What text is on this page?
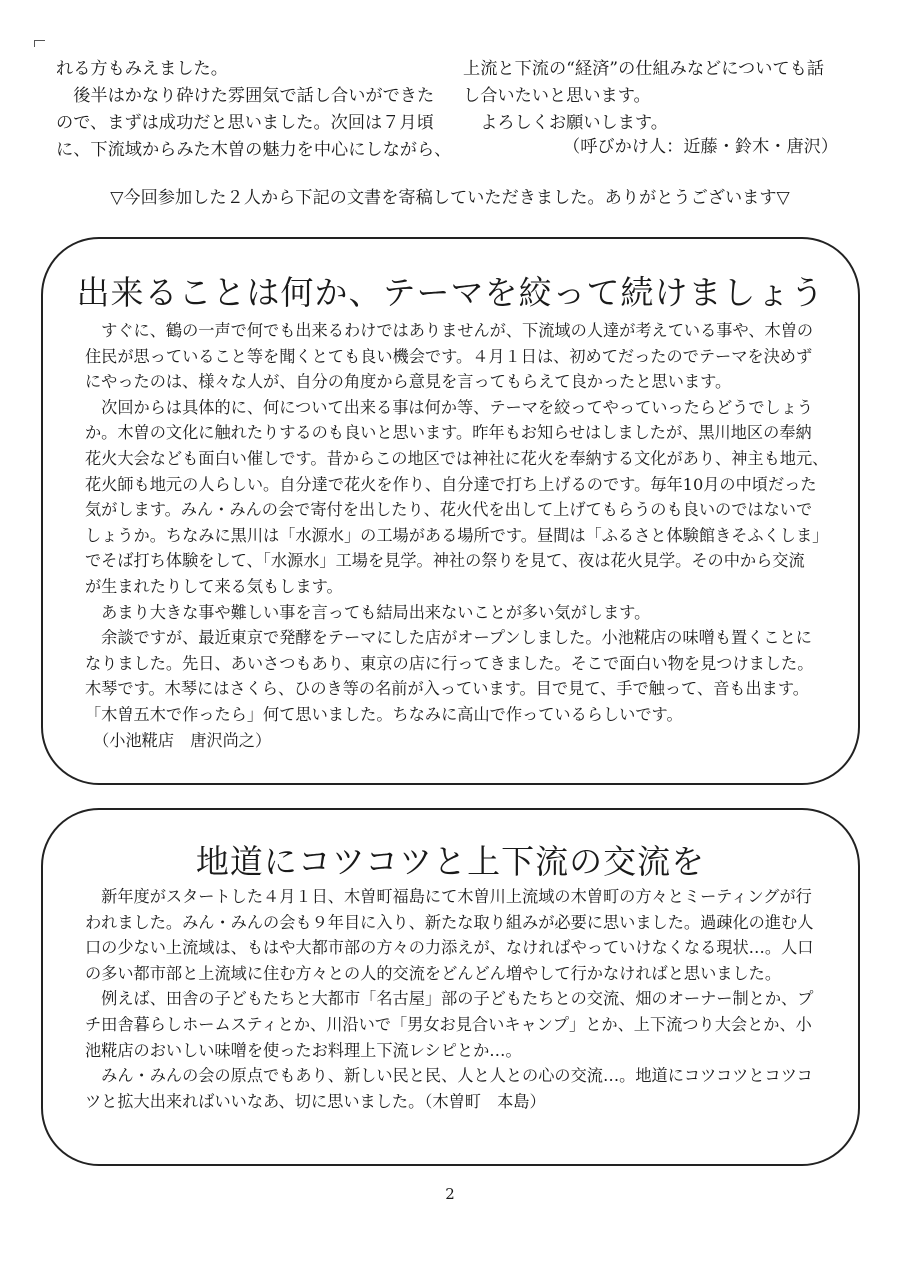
れる方もみえました。

　後半はかなり砕けた雰囲気で話し合いができた

ので、まずは成功だと思いました。次回は７月頃

に、下流域からみた木曽の魅力を中心にしながら、

上流と下流の“経済”の仕組みなどについても話

し合いたいと思います。

　よろしくお願いします。

（呼びかけ人：近藤・鈴木・唐沢）
▽今回参加した２人から下記の文書を寄稿していただきました。ありがとうございます▽
出来ることは何か、テーマを絞って続けましょう

　すぐに、鶴の一声で何でも出来るわけではありませんが、下流域の人達が考えている事や、木曽の

住民が思っていること等を聞くとても良い機会です。４月１日は、初めてだったのでテーマを決めず

にやったのは、様々な人が、自分の角度から意見を言ってもらえて良かったと思います。

　次回からは具体的に、何について出来る事は何か等、テーマを絞ってやっていったらどうでしょう

か。木曽の文化に触れたりするのも良いと思います。昨年もお知らせはしましたが、黒川地区の奉納

花火大会なども面白い催しです。昔からこの地区では神社に花火を奉納する文化があり、神主も地元、

花火師も地元の人らしい。自分達で花火を作り、自分達で打ち上げるのです。毎年10月の中頃だった

気がします。みん・みんの会で寄付を出したり、花火代を出して上げてもらうのも良いのではないで

しょうか。ちなみに黒川は「水源水」の工場がある場所です。昼間は「ふるさと体験館きそふくしま」

でそば打ち体験をして、「水源水」工場を見学。神社の祭りを見て、夜は花火見学。その中から交流

が生まれたりして来る気もします。

　あまり大きな事や難しい事を言っても結局出来ないことが多い気がします。

　余談ですが、最近東京で発酵をテーマにした店がオープンしました。小池糀店の味噌も置くことに

なりました。先日、あいさつもあり、東京の店に行ってきました。そこで面白い物を見つけました。

木琴です。木琴にはさくら、ひのき等の名前が入っています。目で見て、手で触って、音も出ます。

「木曽五木で作ったら」何て思いました。ちなみに高山で作っているらしいです。

　（小池糀店　唐沢尚之）

地道にコツコツと上下流の交流を

　新年度がスタートした４月１日、木曽町福島にて木曽川上流域の木曽町の方々とミーティングが行

われました。みん・みんの会も９年目に入り、新たな取り組みが必要に思いました。過疎化の進む人

口の少ない上流域は、もはや大都市部の方々の力添えが、なければやっていけなくなる現状…。人口

の多い都市部と上流域に住む方々との人的交流をどんどん増やして行かなければと思いました。

　例えば、田舎の子どもたちと大都市「名古屋」部の子どもたちとの交流、畑のオーナー制とか、プ

チ田舎暮らしホームスティとか、川沿いで「男女お見合いキャンプ」とか、上下流つり大会とか、小

池糀店のおいしい味噌を使ったお料理上下流レシピとか…。

　みん・みんの会の原点でもあり、新しい民と民、人と人との心の交流…。地道にコツコツとコツコ

ツと拡大出来ればいいなあ、切に思いました。（木曽町　本島）

2
